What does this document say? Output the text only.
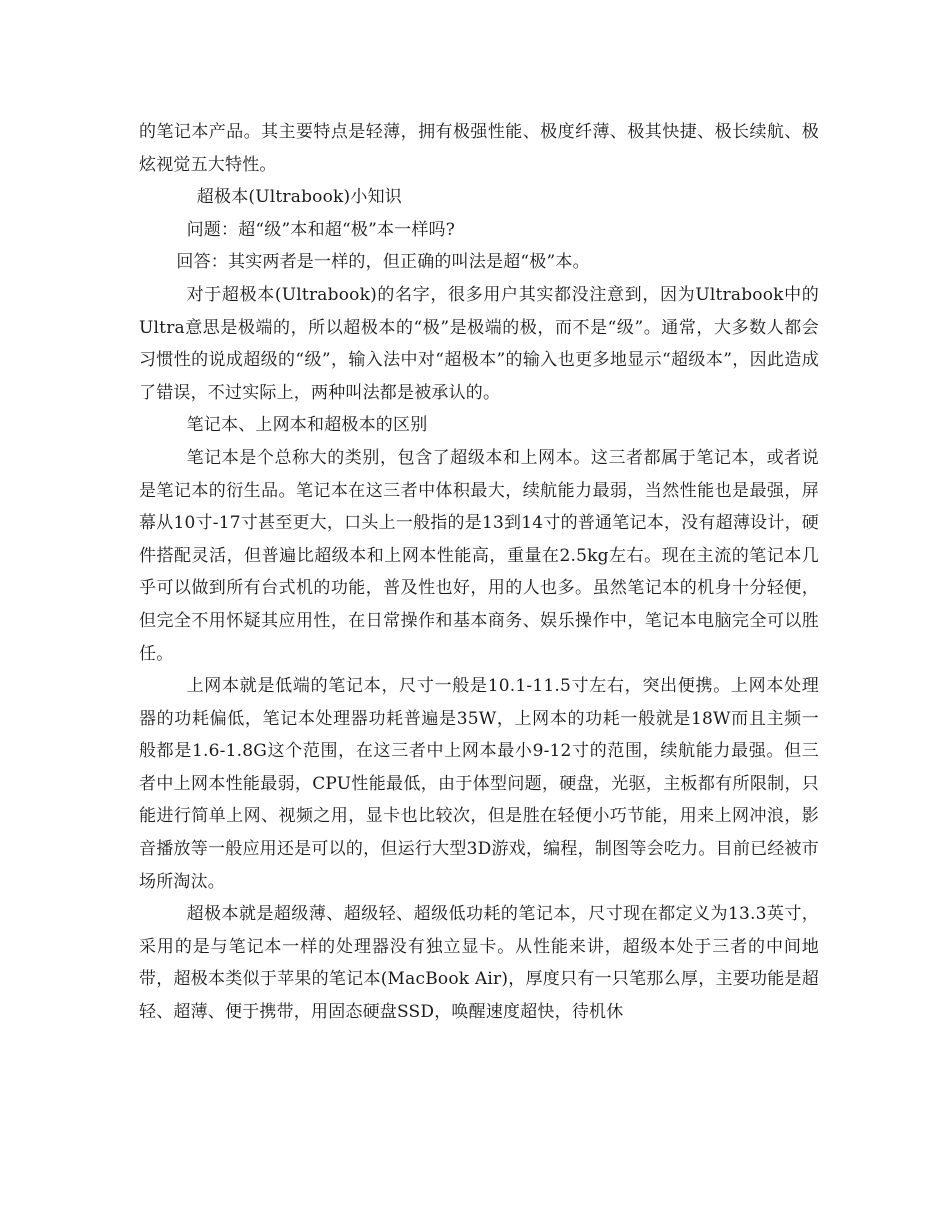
的笔记本产品。其主要特点是轻薄，拥有极强性能、极度纤薄、极其快捷、极长续航、极炫视觉五大特性。

超极本(Ultrabook)小知识

问题：超“级”本和超“极”本一样吗?

回答：其实两者是一样的，但正确的叫法是超“极”本。

对于超极本(Ultrabook)的名字，很多用户其实都没注意到，因为Ultrabook中的Ultra意思是极端的，所以超极本的“极”是极端的极，而不是“级”。通常，大多数人都会习惯性的说成超级的“级”，输入法中对“超极本”的输入也更多地显示“超级本”，因此造成了错误，不过实际上，两种叫法都是被承认的。

笔记本、上网本和超极本的区别

笔记本是个总称大的类别，包含了超级本和上网本。这三者都属于笔记本，或者说是笔记本的衍生品。笔记本在这三者中体积最大，续航能力最弱，当然性能也是最强，屏幕从10寸-17寸甚至更大，口头上一般指的是13到14寸的普通笔记本，没有超薄设计，硬件搭配灵活，但普遍比超级本和上网本性能高，重量在2.5kg左右。现在主流的笔记本几乎可以做到所有台式机的功能，普及性也好，用的人也多。虽然笔记本的机身十分轻便，但完全不用怀疑其应用性，在日常操作和基本商务、娱乐操作中，笔记本电脑完全可以胜任。

上网本就是低端的笔记本，尺寸一般是10.1-11.5寸左右，突出便携。上网本处理器的功耗偏低，笔记本处理器功耗普遍是35W，上网本的功耗一般就是18W而且主频一般都是1.6-1.8G这个范围，在这三者中上网本最小9-12寸的范围，续航能力最强。但三者中上网本性能最弱，CPU性能最低，由于体型问题，硬盘，光驱，主板都有所限制，只能进行简单上网、视频之用，显卡也比较次，但是胜在轻便小巧节能，用来上网冲浪，影音播放等一般应用还是可以的，但运行大型3D游戏，编程，制图等会吃力。目前已经被市场所淘汰。

超极本就是超级薄、超级轻、超级低功耗的笔记本，尺寸现在都定义为13.3英寸，采用的是与笔记本一样的处理器没有独立显卡。从性能来讲，超级本处于三者的中间地带，超极本类似于苹果的笔记本(MacBook Air)，厚度只有一只笔那么厚，主要功能是超轻、超薄、便于携带，用固态硬盘SSD，唤醒速度超快，待机休
